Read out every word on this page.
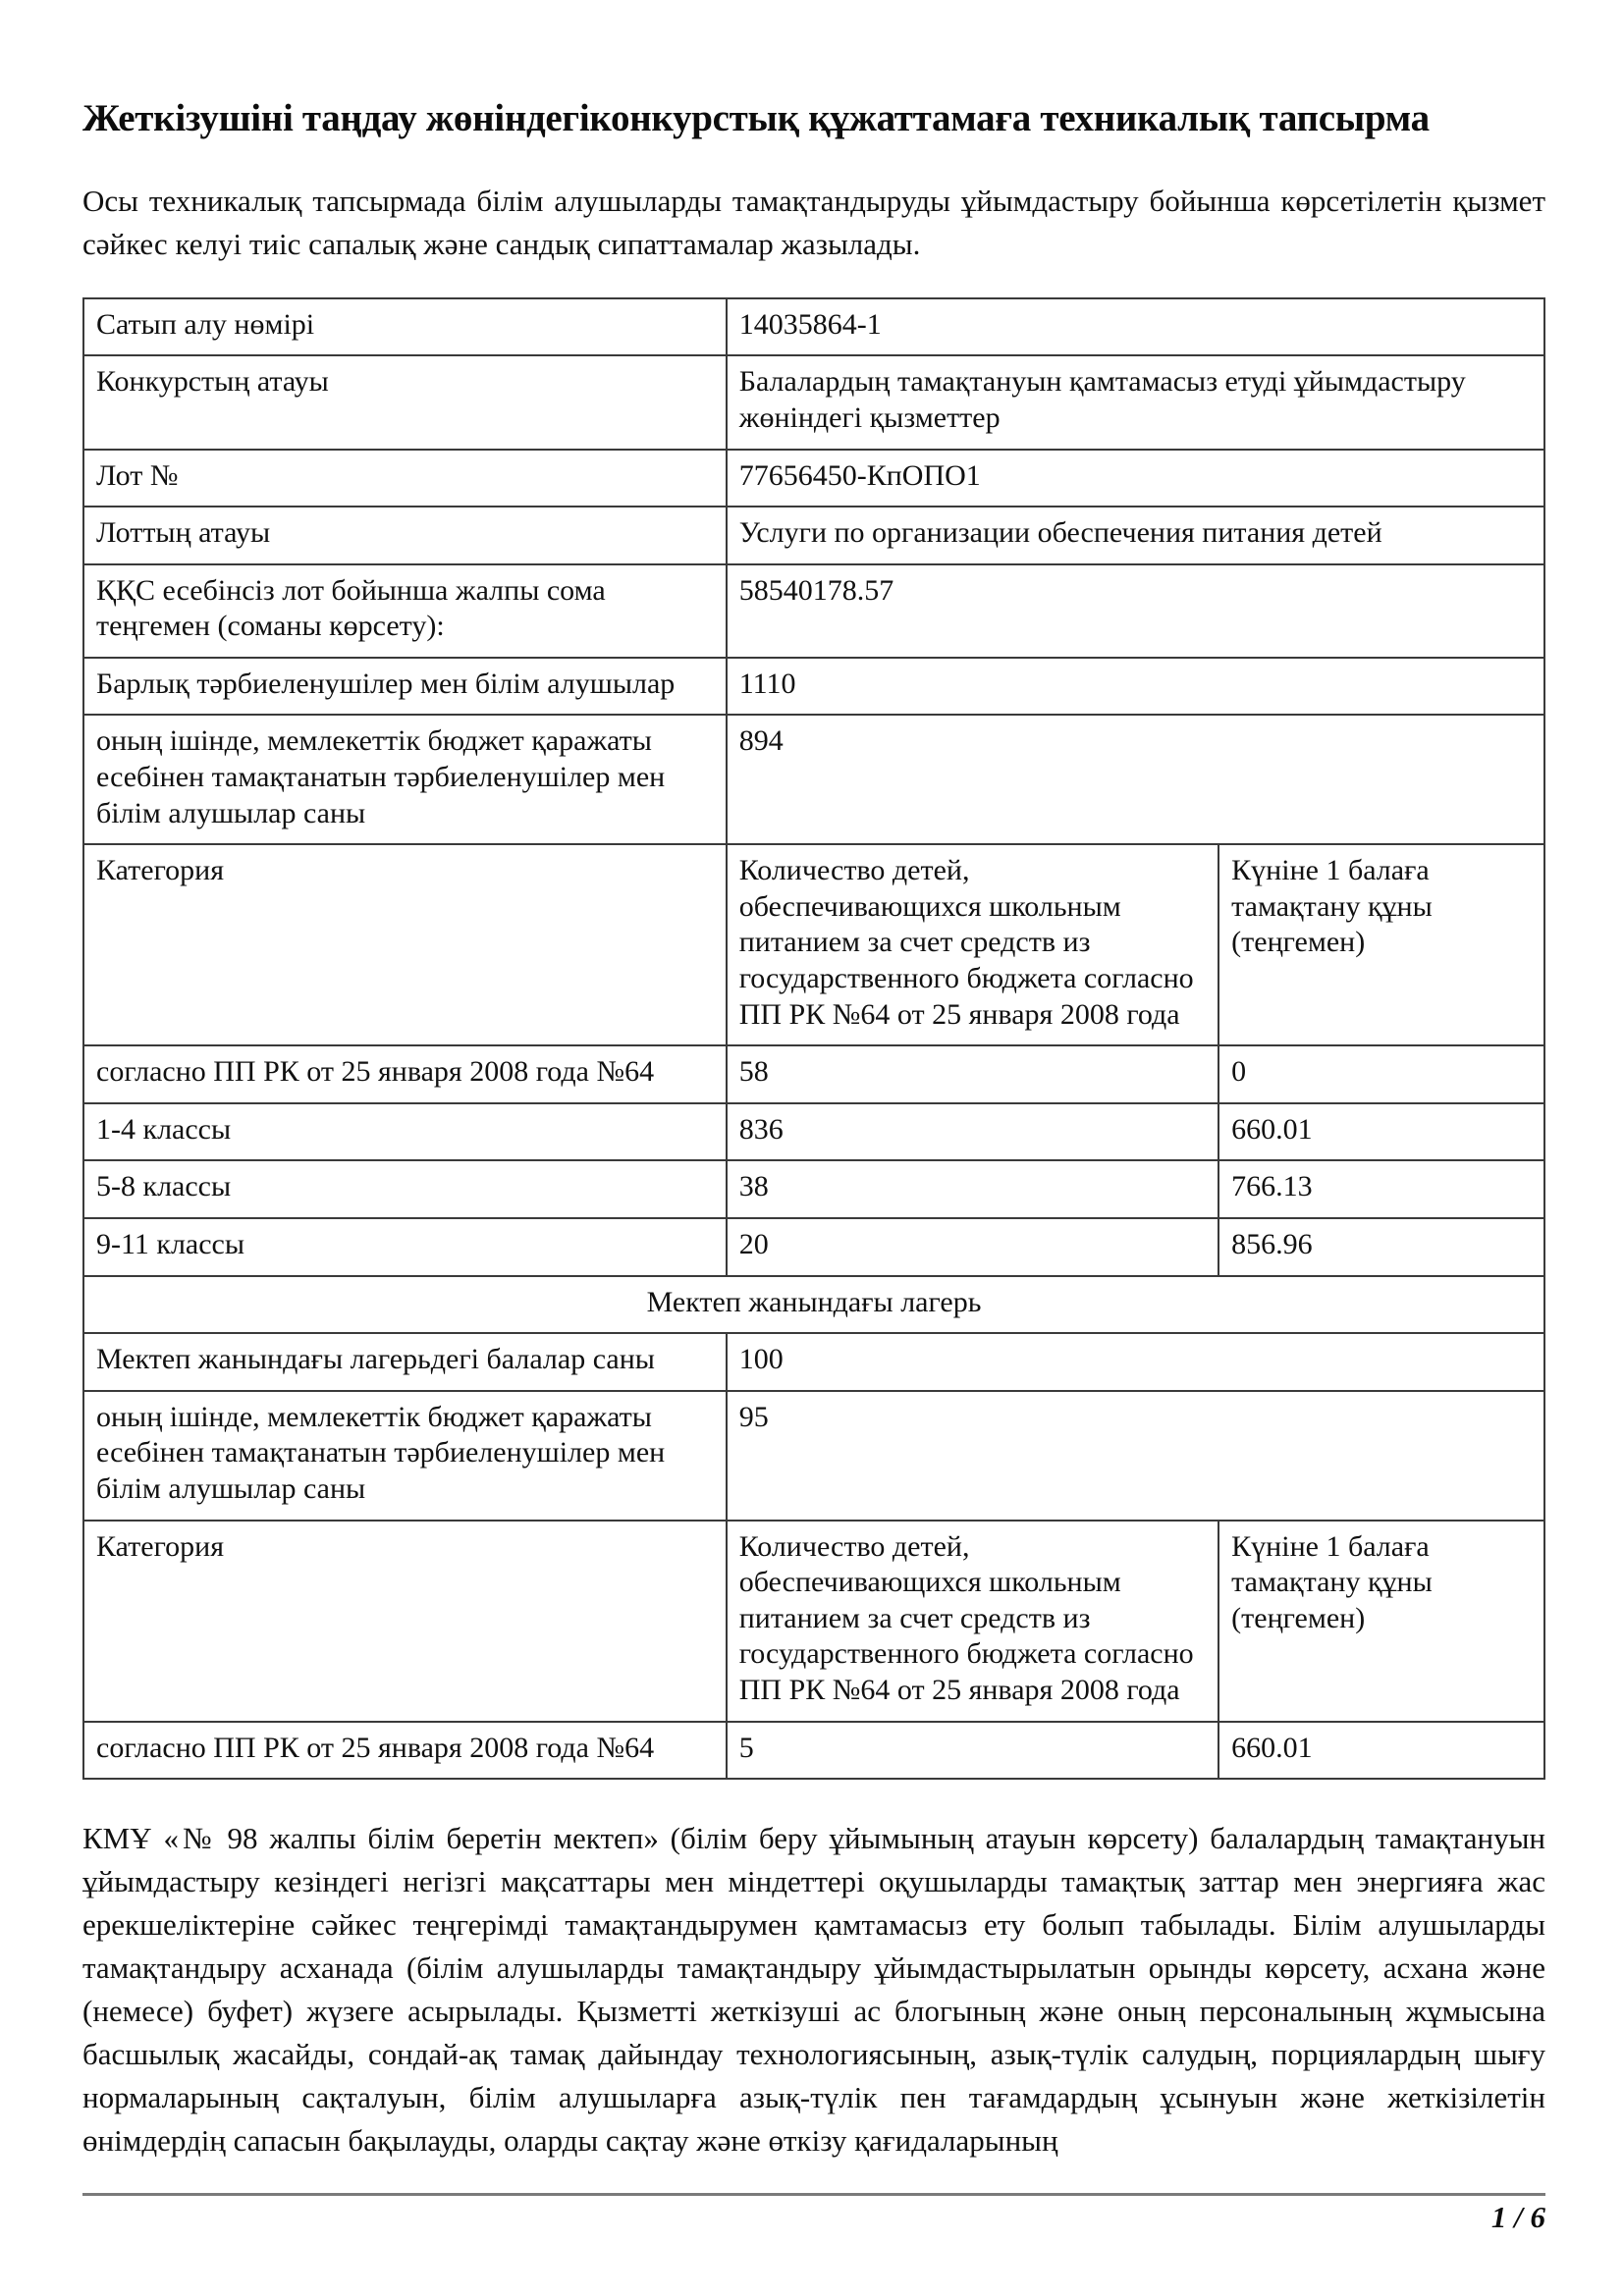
Жеткізушіні таңдау жөніндегіконкурстық құжаттамаға техникалық тапсырма

Осы техникалық тапсырмада білім алушыларды тамақтандыруды ұйымдастыру бойынша көрсетілетін қызмет сәйкес келуі тиіс сапалық және сандық сипаттамалар жазылады.

Сатып алу нөмірі	14035864-1	
Конкурстың атауы	Балалардың тамақтануын қамтамасыз етуді ұйымдастыру жөніндегі қызметтер	
Лот №	77656450-КпОПО1	
Лоттың атауы	Услуги по организации обеспечения питания детей	
ҚҚС есебінсіз лот бойынша жалпы сома теңгемен (соманы көрсету):	58540178.57	
Барлық тәрбиеленушілер мен білім алушылар	1110	
оның ішінде, мемлекеттік бюджет қаражаты есебінен тамақтанатын тәрбиеленушілер мен білім алушылар саны	894	
Категория	Количество детей, обеспечивающихся школьным питанием за счет средств из государственного бюджета согласно ПП РК №64 от 25 января 2008 года	Күніне 1 балаға тамақтану құны (теңгемен)
согласно ПП РК от 25 января 2008 года №64	58	0
1-4 классы	836	660.01
5-8 классы	38	766.13
9-11 классы	20	856.96
Мектеп жанындағы лагерь		
Мектеп жанындағы лагерьдегі балалар саны	100	
оның ішінде, мемлекеттік бюджет қаражаты есебінен тамақтанатын тәрбиеленушілер мен білім алушылар саны	95	
Категория	Количество детей, обеспечивающихся школьным питанием за счет средств из государственного бюджета согласно ПП РК №64 от 25 января 2008 года	Күніне 1 балаға тамақтану құны (теңгемен)
согласно ПП РК от 25 января 2008 года №64	5	660.01

КМҰ «№ 98 жалпы білім беретін мектеп» (білім беру ұйымының атауын көрсету) балалардың тамақтануын ұйымдастыру кезіндегі негізгі мақсаттары мен міндеттері оқушыларды тамақтық заттар мен энергияға жас ерекшеліктеріне сәйкес теңгерімді тамақтандырумен қамтамасыз ету болып табылады. Білім алушыларды тамақтандыру асханада (білім алушыларды тамақтандыру ұйымдастырылатын орынды көрсету, асхана және (немесе) буфет) жүзеге асырылады. Қызметті жеткізуші ас блогының және оның персоналының жұмысына басшылық жасайды, сондай-ақ тамақ дайындау технологиясының, азық-түлік салудың, порциялардың шығу нормаларының сақталуын, білім алушыларға азық-түлік пен тағамдардың ұсынуын және жеткізілетін өнімдердің сапасын бақылауды, оларды сақтау және өткізу қағидаларының

1 / 6
